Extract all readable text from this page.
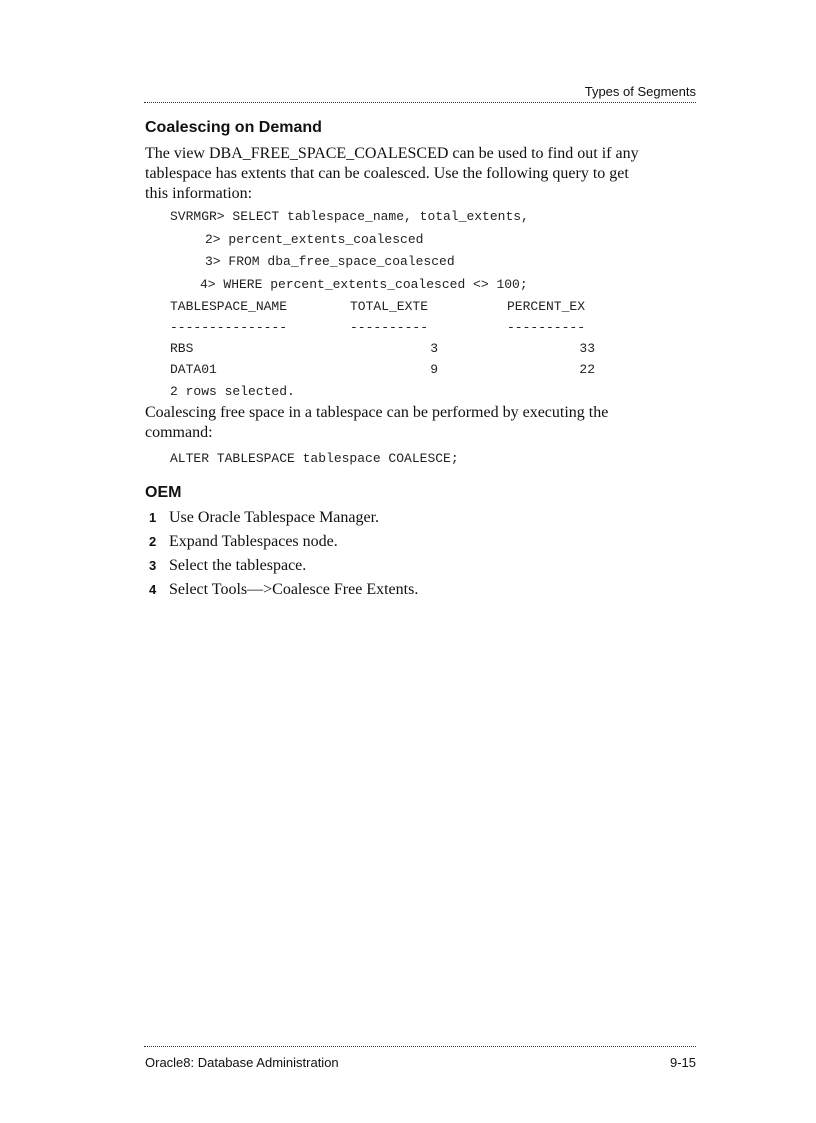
Types of Segments
Coalescing on Demand
The view DBA_FREE_SPACE_COALESCED can be used to find out if any tablespace has extents that can be coalesced. Use the following query to get this information:
SVRMGR> SELECT tablespace_name, total_extents,
2> percent_extents_coalesced
3> FROM dba_free_space_coalesced
4> WHERE percent_extents_coalesced <> 100;
TABLESPACE_NAME	TOTAL_EXTE	PERCENT_EX
---------------	----------	----------
RBS	3	33
DATA01	9	22
2 rows selected.
Coalescing free space in a tablespace can be performed by executing the command:
ALTER TABLESPACE tablespace COALESCE;
OEM
1 Use Oracle Tablespace Manager.
2 Expand Tablespaces node.
3 Select the tablespace.
4 Select Tools—>Coalesce Free Extents.
Oracle8: Database Administration	9-15
